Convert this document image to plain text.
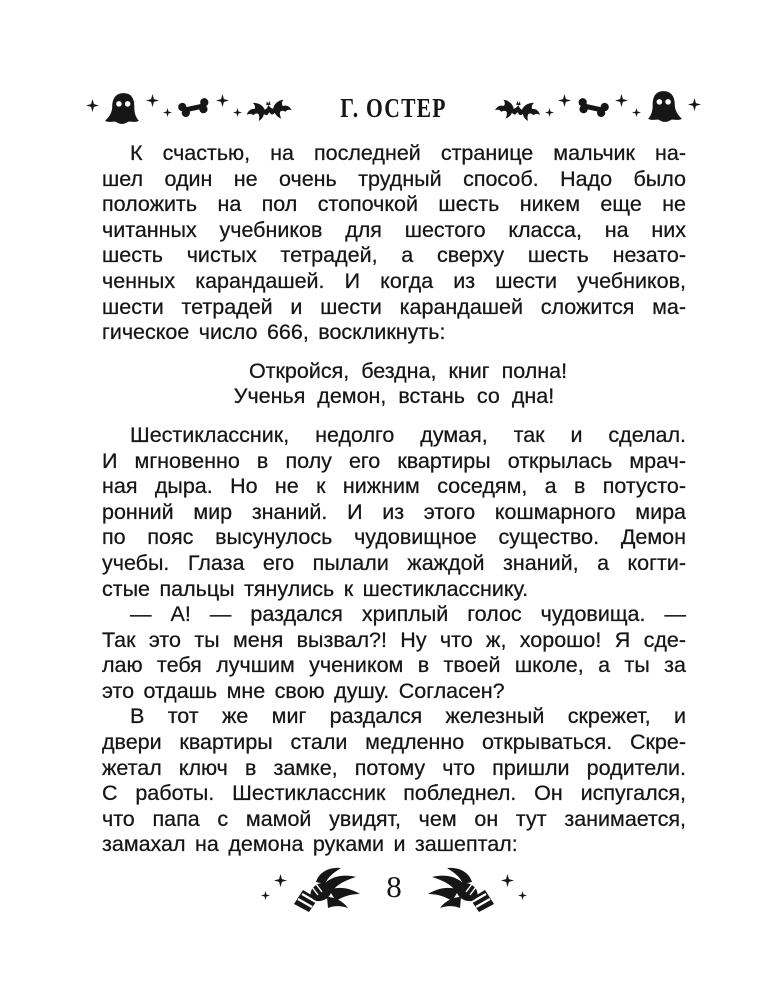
Г. ОСТЕР
К счастью, на последней странице мальчик на-
шел один не очень трудный способ. Надо было
положить на пол стопочкой шесть никем еще не
читанных учебников для шестого класса, на них
шесть чистых тетрадей, а сверху шесть незато-
ченных карандашей. И когда из шести учебников,
шести тетрадей и шести карандашей сложится ма-
гическое число 666, воскликнуть:
Откройся, бездна, книг полна!
Ученья демон, встань со дна!
Шестиклассник, недолго думая, так и сделал.
И мгновенно в полу его квартиры открылась мрач-
ная дыра. Но не к нижним соседям, а в потусто-
ронний мир знаний. И из этого кошмарного мира
по пояс высунулось чудовищное существо. Демон
учебы. Глаза его пылали жаждой знаний, а когти-
стые пальцы тянулись к шестикласснику.
— А! — раздался хриплый голос чудовища. —
Так это ты меня вызвал?! Ну что ж, хорошо! Я сде-
лаю тебя лучшим учеником в твоей школе, а ты за
это отдашь мне свою душу. Согласен?
В тот же миг раздался железный скрежет, и
двери квартиры стали медленно открываться. Скре-
жетал ключ в замке, потому что пришли родители.
С работы. Шестиклассник побледнел. Он испугался,
что папа с мамой увидят, чем он тут занимается,
замахал на демона руками и зашептал:
8
